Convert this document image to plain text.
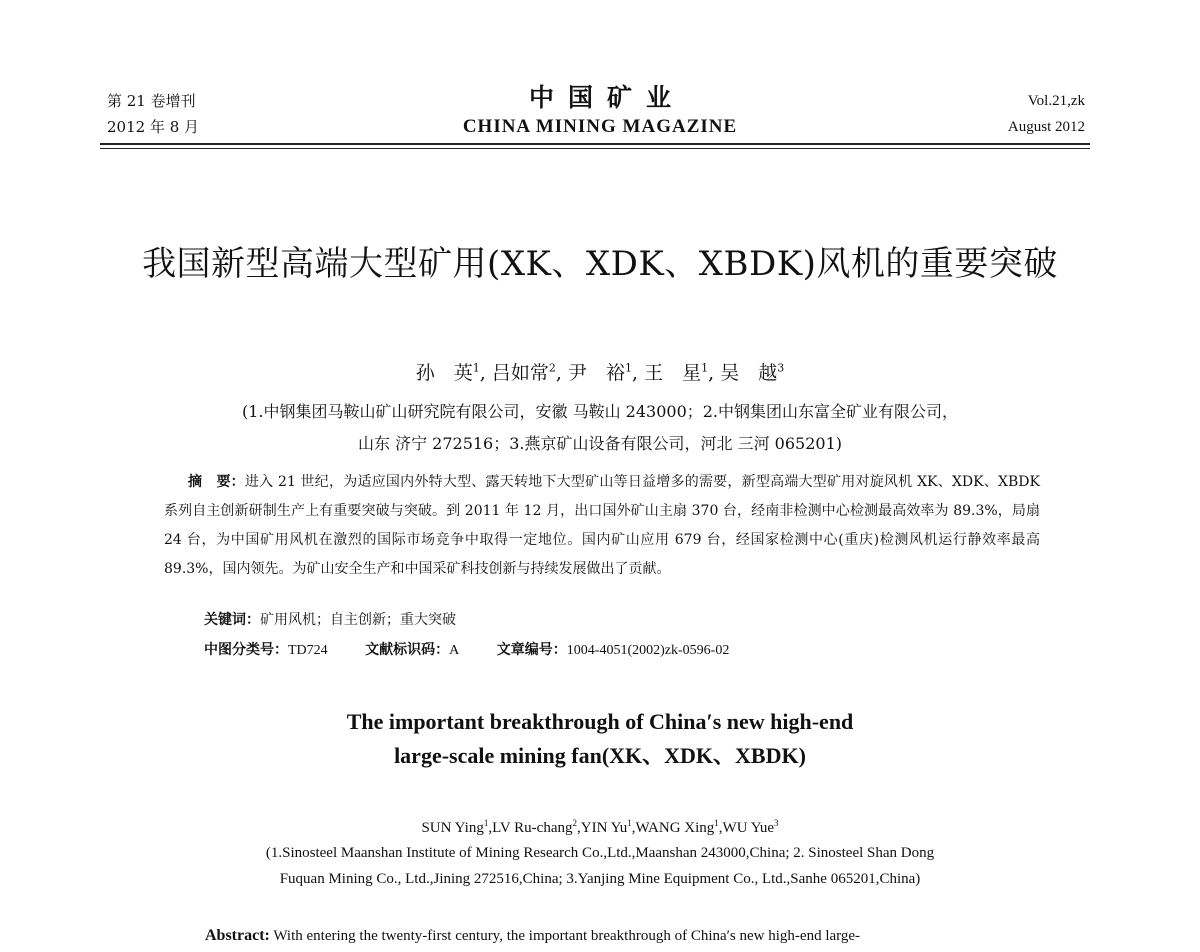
第 21 卷增刊
2012 年 8 月
中国矿业
CHINA MINING MAGAZINE
Vol.21,zk
August 2012
我国新型高端大型矿用(XK、XDK、XBDK)风机的重要突破
孙　英$^1$, 吕如常$^2$, 尹　裕$^1$, 王　星$^1$, 吴　越$^3$
(1.中钢集团马鞍山矿山研究院有限公司，安徽 马鞍山 243000；2.中钢集团山东富全矿业有限公司，
山东 济宁 272516；3.燕京矿山设备有限公司，河北 三河 065201)
摘　要：进入 21 世纪，为适应国内外特大型、露天转地下大型矿山等日益增多的需要，新型高端大型矿用对旋风机 XK、XDK、XBDK 系列自主创新研制生产上有重要突破与突破。到 2011 年 12 月，出口国外矿山主扇 370 台，经南非检测中心检测最高效率为 89.3%，局扇 24 台，为中国矿用风机在激烈的国际市场竞争中取得一定地位。国内矿山应用 679 台，经国家检测中心(重庆)检测风机运行静效率最高 89.3%，国内领先。为矿山安全生产和中国采矿科技创新与持续发展做出了贡献。
关键词：矿用风机；自主创新；重大突破
中图分类号：TD724	文献标识码：A	文章编号：1004-4051(2002)zk-0596-02
The important breakthrough of China′s new high-end
large-scale mining fan(XK、XDK、XBDK)
SUN Ying$^1$,LV Ru-chang$^2$,YIN Yu$^1$,WANG Xing$^1$,WU Yue$^3$
(1.Sinosteel Maanshan Institute of Mining Research Co.,Ltd.,Maanshan 243000,China; 2. Sinosteel Shan Dong
Fuquan Mining Co., Ltd.,Jining 272516,China; 3.Yanjing Mine Equipment Co., Ltd.,Sanhe 065201,China)
Abstract: With entering the twenty-first century, the important breakthrough of China′s new high-end large-
